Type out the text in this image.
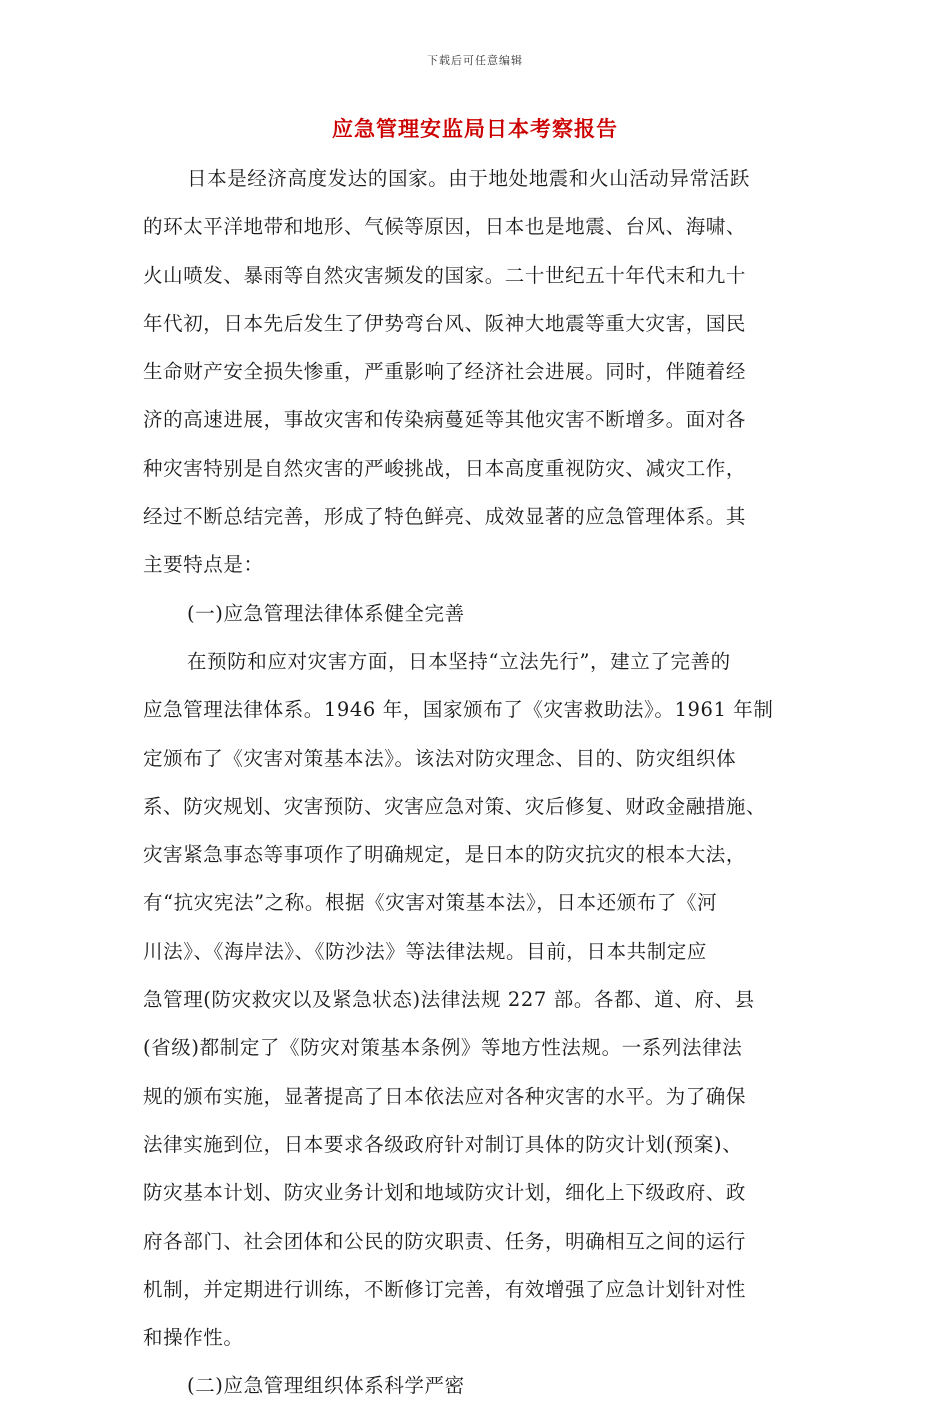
下载后可任意编辑
应急管理安监局日本考察报告
日本是经济高度发达的国家。由于地处地震和火山活动异常活跃
的环太平洋地带和地形、气候等原因，日本也是地震、台风、海啸、
火山喷发、暴雨等自然灾害频发的国家。二十世纪五十年代末和九十
年代初，日本先后发生了伊势弯台风、阪神大地震等重大灾害，国民
生命财产安全损失惨重，严重影响了经济社会进展。同时，伴随着经
济的高速进展，事故灾害和传染病蔓延等其他灾害不断增多。面对各
种灾害特别是自然灾害的严峻挑战，日本高度重视防灾、减灾工作，
经过不断总结完善，形成了特色鲜亮、成效显著的应急管理体系。其
主要特点是：
(一)应急管理法律体系健全完善
在预防和应对灾害方面，日本坚持“立法先行”，建立了完善的
应急管理法律体系。1946 年，国家颁布了《灾害救助法》。1961 年制
定颁布了《灾害对策基本法》。该法对防灾理念、目的、防灾组织体
系、防灾规划、灾害预防、灾害应急对策、灾后修复、财政金融措施、
灾害紧急事态等事项作了明确规定，是日本的防灾抗灾的根本大法，
有“抗灾宪法”之称。根据《灾害对策基本法》，日本还颁布了《河
川法》、《海岸法》、《防沙法》等法律法规。目前，日本共制定应
急管理(防灾救灾以及紧急状态)法律法规 227 部。各都、道、府、县
(省级)都制定了《防灾对策基本条例》等地方性法规。一系列法律法
规的颁布实施，显著提高了日本依法应对各种灾害的水平。为了确保
法律实施到位，日本要求各级政府针对制订具体的防灾计划(预案)、
防灾基本计划、防灾业务计划和地域防灾计划，细化上下级政府、政
府各部门、社会团体和公民的防灾职责、任务，明确相互之间的运行
机制，并定期进行训练，不断修订完善，有效增强了应急计划针对性
和操作性。
(二)应急管理组织体系科学严密
